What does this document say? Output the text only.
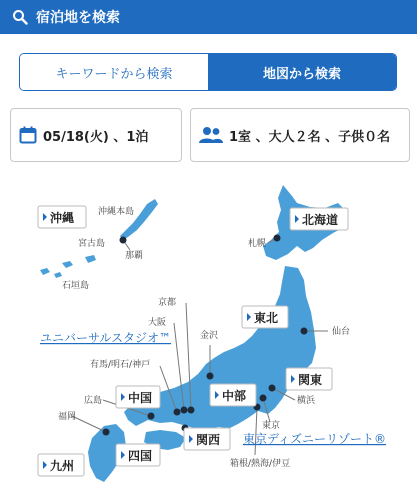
宿泊地を検索
キーワードから検索	地図から検索
05/18(火) 、1泊	1室 、大人２名 、子供０名
沖縄本島
宮古島
那覇
石垣島
札幌
仙台
金沢
京都
大阪
有馬/明石/神戸
広島
福岡
横浜
東京
箱根/熱海/伊豆
ユニバーサルスタジオ™
東京ディズニーリゾート®
沖縄	北海道
東北
関東
中部
中国
関西
四国
九州
